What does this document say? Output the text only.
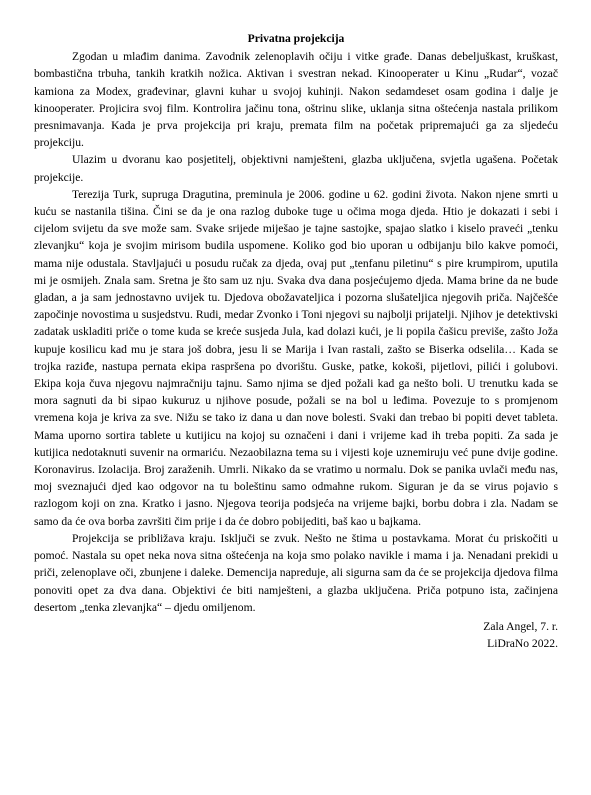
Privatna projekcija

Zgodan u mlađim danima. Zavodnik zelenoplavih očiju i vitke građe. Danas debeljuškast, kruškast, bombastična trbuha, tankih kratkih nožica. Aktivan i svestran nekad. Kinooperater u Kinu „Rudar“, vozač kamiona za Modex, građevinar, glavni kuhar u svojoj kuhinji. Nakon sedamdeset osam godina i dalje je kinooperater. Projicira svoj film. Kontrolira jačinu tona, oštrinu slike, uklanja sitna oštećenja nastala prilikom presnimavanja. Kada je prva projekcija pri kraju, premata film na početak pripremajući ga za sljedeću projekciju.

Ulazim u dvoranu kao posjetitelj, objektivni namješteni, glazba uključena, svjetla ugašena. Početak projekcije.

Terezija Turk, supruga Dragutina, preminula je 2006. godine u 62. godini života. Nakon njene smrti u kuću se nastanila tišina. Čini se da je ona razlog duboke tuge u očima moga djeda. Htio je dokazati i sebi i cijelom svijetu da sve može sam. Svake srijede miješao je tajne sastojke, spajao slatko i kiselo praveći „tenku zlevanjku“ koja je svojim mirisom budila uspomene. Koliko god bio uporan u odbijanju bilo kakve pomoći, mama nije odustala. Stavljajući u posudu ručak za djeda, ovaj put „tenfanu piletinu“ s pire krumpirom, uputila mi je osmijeh. Znala sam. Sretna je što sam uz nju. Svaka dva dana posjećujemo djeda. Mama brine da ne bude gladan, a ja sam jednostavno uvijek tu. Djedova obožavateljica i pozorna slušateljica njegovih priča. Najčešće započinje novostima u susjedstvu. Rudi, medar Zvonko i Toni njegovi su najbolji prijatelji. Njihov je detektivski zadatak uskladiti priče o tome kuda se kreće susjeda Jula, kad dolazi kući, je li popila čašicu previše, zašto Joža kupuje kosilicu kad mu je stara još dobra, jesu li se Marija i Ivan rastali, zašto se Biserka odselila… Kada se trojka raziđe, nastupa pernata ekipa raspršena po dvorištu. Guske, patke, kokoši, pijetlovi, pilići i golubovi. Ekipa koja čuva njegovu najmračniju tajnu. Samo njima se djed požali kad ga nešto boli. U trenutku kada se mora sagnuti da bi sipao kukuruz u njihove posude, požali se na bol u leđima. Povezuje to s promjenom vremena koja je kriva za sve. Nižu se tako iz dana u dan nove bolesti. Svaki dan trebao bi popiti devet tableta. Mama uporno sortira tablete u kutijicu na kojoj su označeni i dani i vrijeme kad ih treba popiti. Za sada je kutijica nedotaknuti suvenir na ormariću. Nezaobilazna tema su i vijesti koje uznemiruju već pune dvije godine. Koronavirus. Izolacija. Broj zaraženih. Umrli. Nikako da se vratimo u normalu. Dok se panika uvlači među nas, moj sveznajući djed kao odgovor na tu boleštinu samo odmahne rukom. Siguran je da se virus pojavio s razlogom koji on zna. Kratko i jasno. Njegova teorija podsjeća na vrijeme bajki, borbu dobra i zla. Nadam se samo da će ova borba završiti čim prije i da će dobro pobijediti, baš kao u bajkama.

Projekcija se približava kraju. Isključi se zvuk. Nešto ne štima u postavkama. Morat ću priskočiti u pomoć. Nastala su opet neka nova sitna oštećenja na koja smo polako navikle i mama i ja. Nenadani prekidi u priči, zelenoplave oči, zbunjene i daleke. Demencija napreduje, ali sigurna sam da će se projekcija djedova filma ponoviti opet za dva dana. Objektivi će biti namješteni, a glazba uključena. Priča potpuno ista, začinjena desertom „tenka zlevanjka“ – djedu omiljenom.

Zala Angel, 7. r.
LiDraNo 2022.
